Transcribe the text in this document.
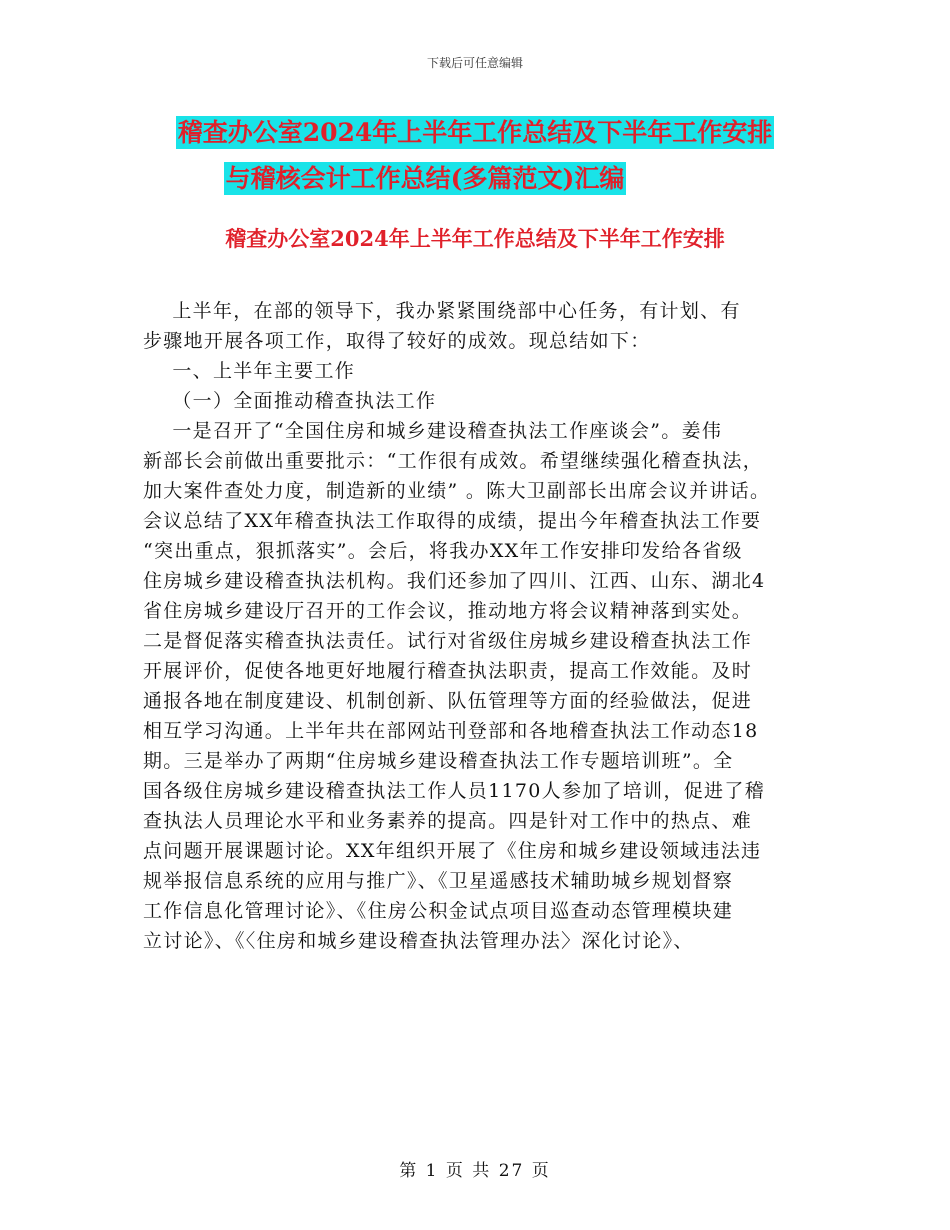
下载后可任意编辑
稽查办公室2024年上半年工作总结及下半年工作安排
与稽核会计工作总结(多篇范文)汇编
稽查办公室2024年上半年工作总结及下半年工作安排
上半年，在部的领导下，我办紧紧围绕部中心任务，有计划、有
步骤地开展各项工作，取得了较好的成效。现总结如下：
一、上半年主要工作
（一）全面推动稽查执法工作
一是召开了“全国住房和城乡建设稽查执法工作座谈会”。姜伟
新部长会前做出重要批示：“工作很有成效。希望继续强化稽查执法，
加大案件查处力度，制造新的业绩” 。陈大卫副部长出席会议并讲话。
会议总结了XX年稽查执法工作取得的成绩，提出今年稽查执法工作要
“突出重点，狠抓落实”。会后，将我办XX年工作安排印发给各省级
住房城乡建设稽查执法机构。我们还参加了四川、江西、山东、湖北4
省住房城乡建设厅召开的工作会议，推动地方将会议精神落到实处。
二是督促落实稽查执法责任。试行对省级住房城乡建设稽查执法工作
开展评价，促使各地更好地履行稽查执法职责，提高工作效能。及时
通报各地在制度建设、机制创新、队伍管理等方面的经验做法，促进
相互学习沟通。上半年共在部网站刊登部和各地稽查执法工作动态18
期。三是举办了两期“住房城乡建设稽查执法工作专题培训班”。全
国各级住房城乡建设稽查执法工作人员1170人参加了培训，促进了稽
查执法人员理论水平和业务素养的提高。四是针对工作中的热点、难
点问题开展课题讨论。XX年组织开展了《住房和城乡建设领域违法违
规举报信息系统的应用与推广》、《卫星遥感技术辅助城乡规划督察
工作信息化管理讨论》、《住房公积金试点项目巡查动态管理模块建
立讨论》、《〈住房和城乡建设稽查执法管理办法〉深化讨论》、
第 1 页 共 27 页
